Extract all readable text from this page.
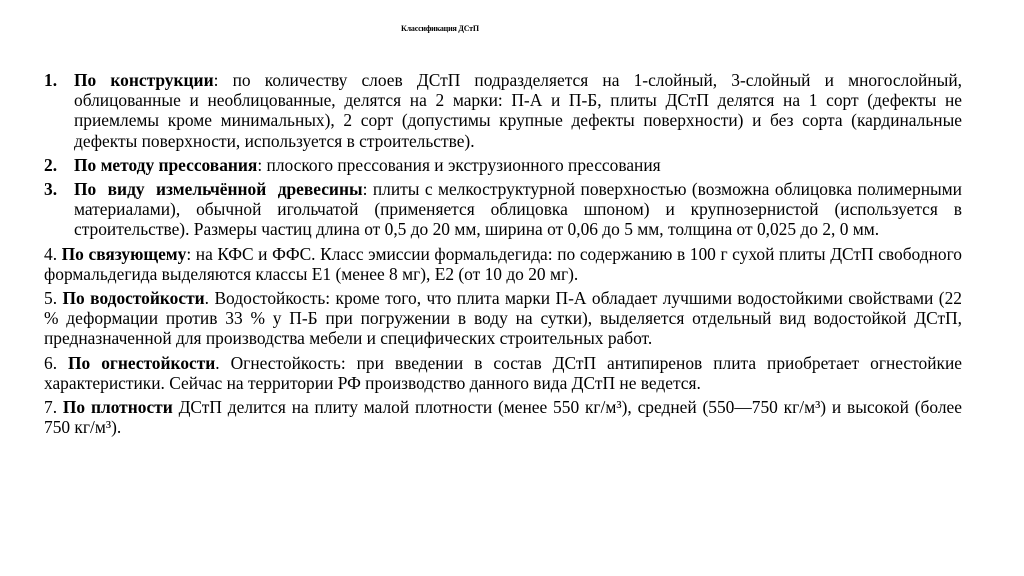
Классификация ДСтП
1. По конструкции: по количеству слоев ДСтП подразделяется на 1-слойный, 3-слойный и многослойный, облицованные и необлицованные, делятся на 2 марки: П-А и П-Б, плиты ДСтП делятся на 1 сорт (дефекты не приемлемы кроме минимальных), 2 сорт (допустимы крупные дефекты поверхности) и без сорта (кардинальные дефекты поверхности, используется в строительстве).
2. По методу прессования: плоского прессования и экструзионного прессования
3. По видy измельчённой древесины: плиты с мелкоструктурной поверхностью (возможна облицовка полимерными материалами), обычной игольчатой (применяется облицовка шпоном) и крупнозернистой (используется в строительстве). Размеры частиц длина от 0,5 до 20 мм, ширина от 0,06 до 5 мм, толщина от 0,025 до 2, 0 мм.
4. По связующему: на КФС и ФФС. Класс эмиссии формальдегида: по содержанию в 100 г сухой плиты ДСтП свободного формальдегида выделяются классы Е1 (менее 8 мг), Е2 (от 10 до 20 мг).
5. По водостойкости. Водостойкость: кроме того, что плита марки П-А обладает лучшими водостойкими свойствами (22 % деформации против 33 % у П-Б при погружении в воду на сутки), выделяется отдельный вид водостойкой ДСтП, предназначенной для производства мебели и специфических строительных работ.
6. По огнестойкости. Огнестойкость: при введении в состав ДСтП антипиренов плита приобретает огнестойкие характеристики. Сейчас на территории РФ производство данного вида ДСтП не ведется.
7. По плотности ДСтП делится на плиту малой плотности (менее 550 кг/м³), средней (550—750 кг/м³) и высокой (более 750 кг/м³).
